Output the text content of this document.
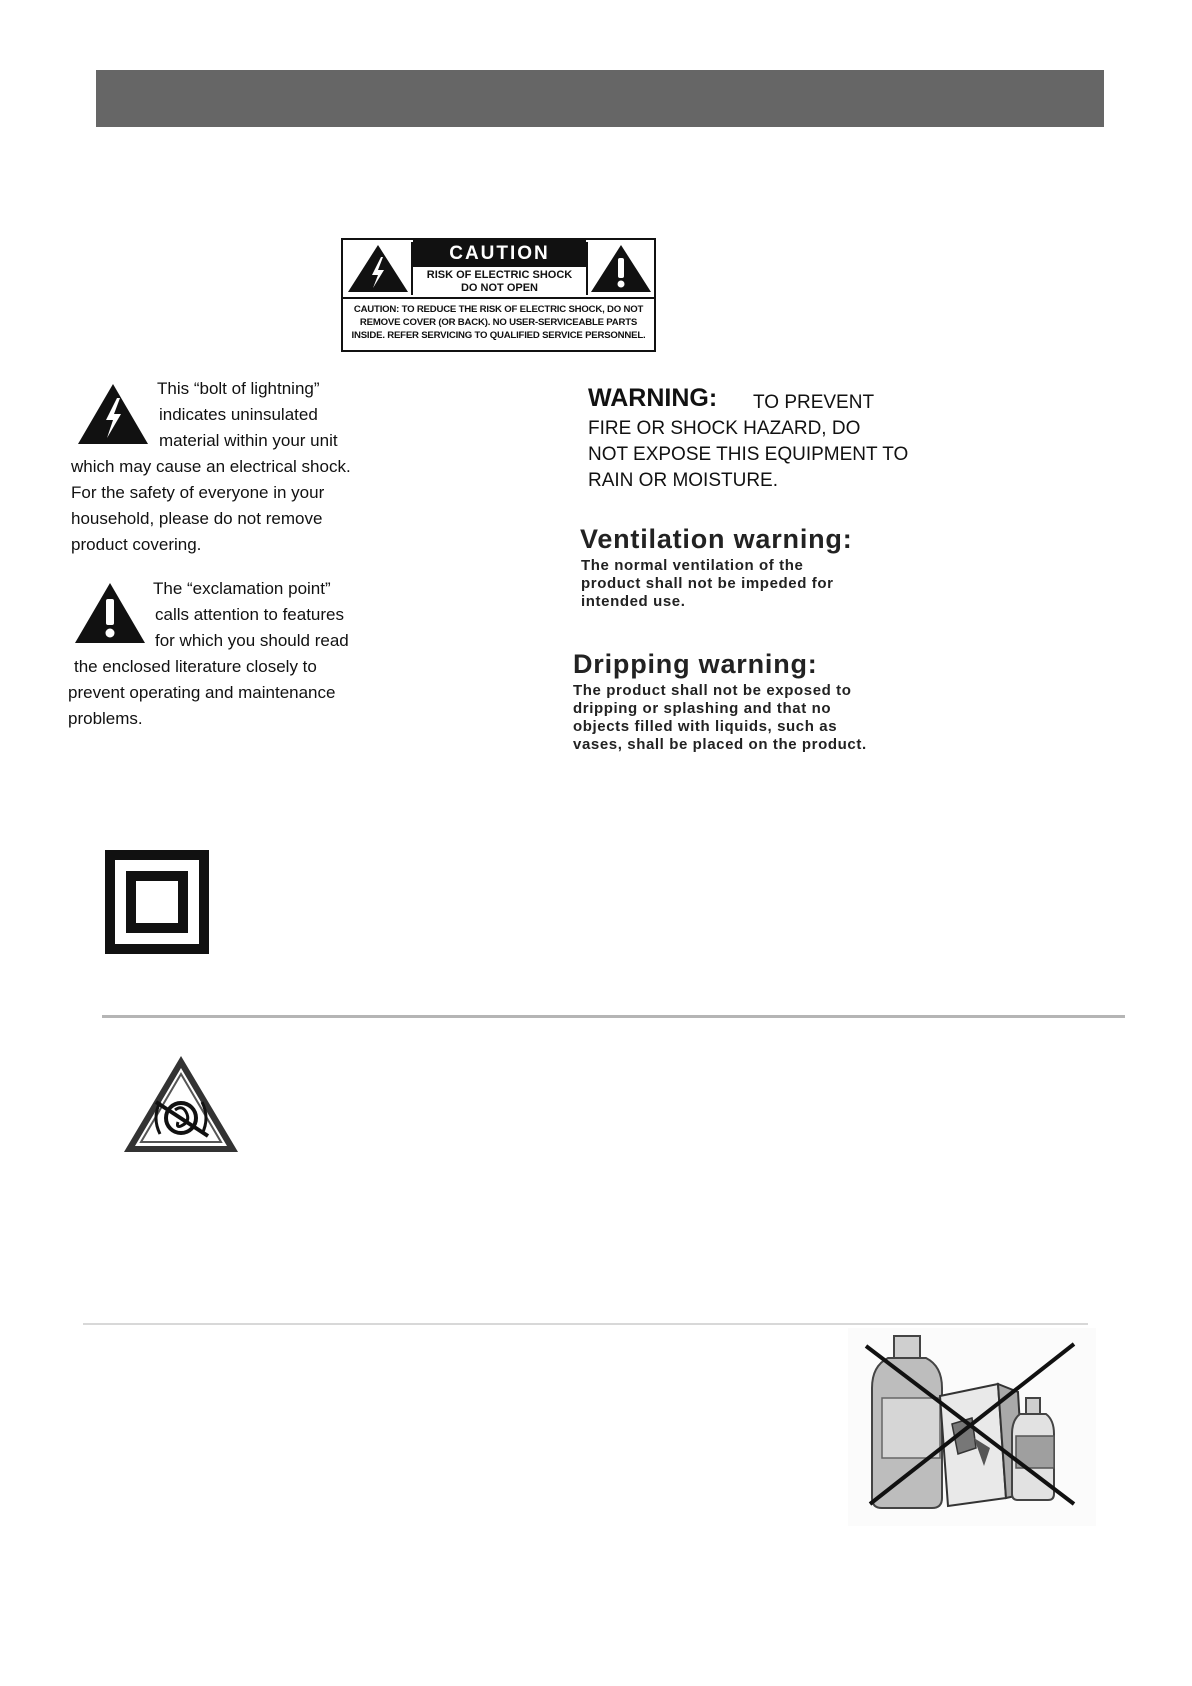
CAUTION
RISK OF ELECTRIC SHOCK
DO NOT OPEN
CAUTION: TO REDUCE THE RISK OF ELECTRIC SHOCK, DO NOT
REMOVE COVER (OR BACK). NO USER-SERVICEABLE PARTS
INSIDE. REFER SERVICING TO QUALIFIED SERVICE PERSONNEL.
This “bolt of lightning”
indicates uninsulated
material within your unit
which may cause an electrical shock.
For the safety of everyone in your
household, please do not remove
product covering.
The “exclamation point”
calls attention to features
for which you should read
the enclosed literature closely to
prevent operating and maintenance
problems.
WARNING: TO PREVENT
FIRE OR SHOCK HAZARD, DO
NOT EXPOSE THIS EQUIPMENT TO
RAIN OR MOISTURE.
Ventilation warning:
The normal ventilation of the
product shall not be impeded for
intended use.
Dripping warning:
The product shall not be exposed to
dripping or splashing and that no
objects filled with liquids, such as
vases, shall be placed on the product.
